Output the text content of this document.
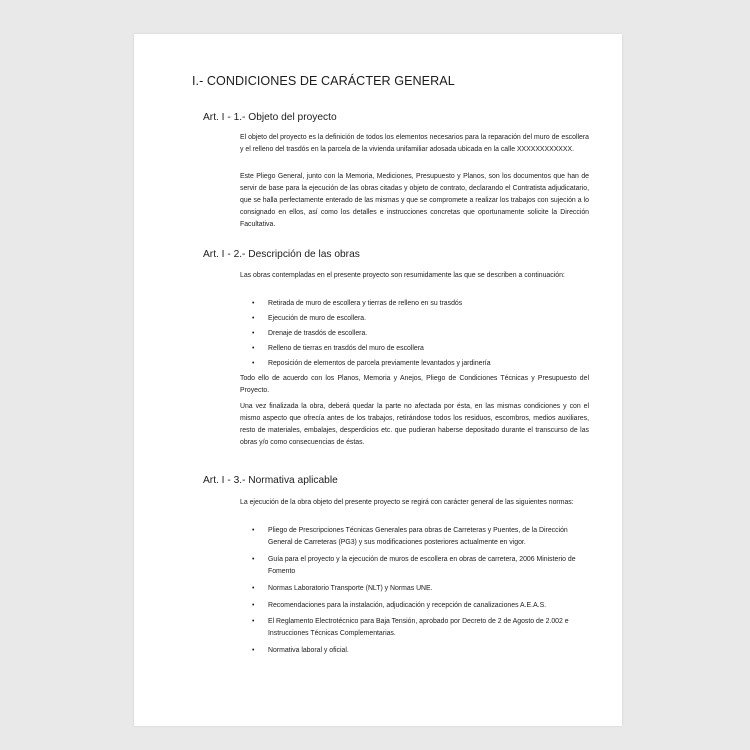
I.- CONDICIONES DE CARÁCTER GENERAL
Art. I - 1.- Objeto del proyecto

El objeto del proyecto es la definición de todos los elementos necesarios para la reparación del muro de escollera y el relleno del trasdós en la parcela de la vivienda unifamiliar adosada ubicada en la calle XXXXXXXXXXXX.

Este Pliego General, junto con la Memoria, Mediciones, Presupuesto y Planos, son los documentos que han de servir de base para la ejecución de las obras citadas y objeto de contrato, declarando el Contratista adjudicatario, que se halla perfectamente enterado de las mismas y que se compromete a realizar los trabajos con sujeción a lo consignado en ellos, así como los detalles e instrucciones concretas que oportunamente solicite la Dirección Facultativa.

Art. I - 2.- Descripción de las obras

Las obras contempladas en el presente proyecto son resumidamente las que se describen a continuación:

• Retirada de muro de escollera y tierras de relleno en su trasdós
• Ejecución de muro de escollera.
• Drenaje de trasdós de escollera.
• Relleno de tierras en trasdós del muro de escollera
• Reposición de elementos de parcela previamente levantados y jardinería

Todo ello de acuerdo con los Planos, Memoria y Anejos, Pliego de Condiciones Técnicas y Presupuesto del Proyecto.

Una vez finalizada la obra, deberá quedar la parte no afectada por ésta, en las mismas condiciones y con el mismo aspecto que ofrecía antes de los trabajos, retirándose todos los residuos, escombros, medios auxiliares, resto de materiales, embalajes, desperdicios etc. que pudieran haberse depositado durante el transcurso de las obras y/o como consecuencias de éstas.

Art. I - 3.- Normativa aplicable

La ejecución de la obra objeto del presente proyecto se regirá con carácter general de las siguientes normas:

• Pliego de Prescripciones Técnicas Generales para obras de Carreteras y Puentes, de la Dirección General de Carreteras (PG3) y sus modificaciones posteriores actualmente en vigor.
• Guía para el proyecto y la ejecución de muros de escollera en obras de carretera, 2006 Ministerio de Fomento
• Normas Laboratorio Transporte (NLT) y Normas UNE.
• Recomendaciones para la instalación, adjudicación y recepción de canalizaciones A.E.A.S.
• El Reglamento Electrotécnico para Baja Tensión, aprobado por Decreto de 2 de Agosto de 2.002 e Instrucciones Técnicas Complementarias.
• Normativa laboral y oficial.
